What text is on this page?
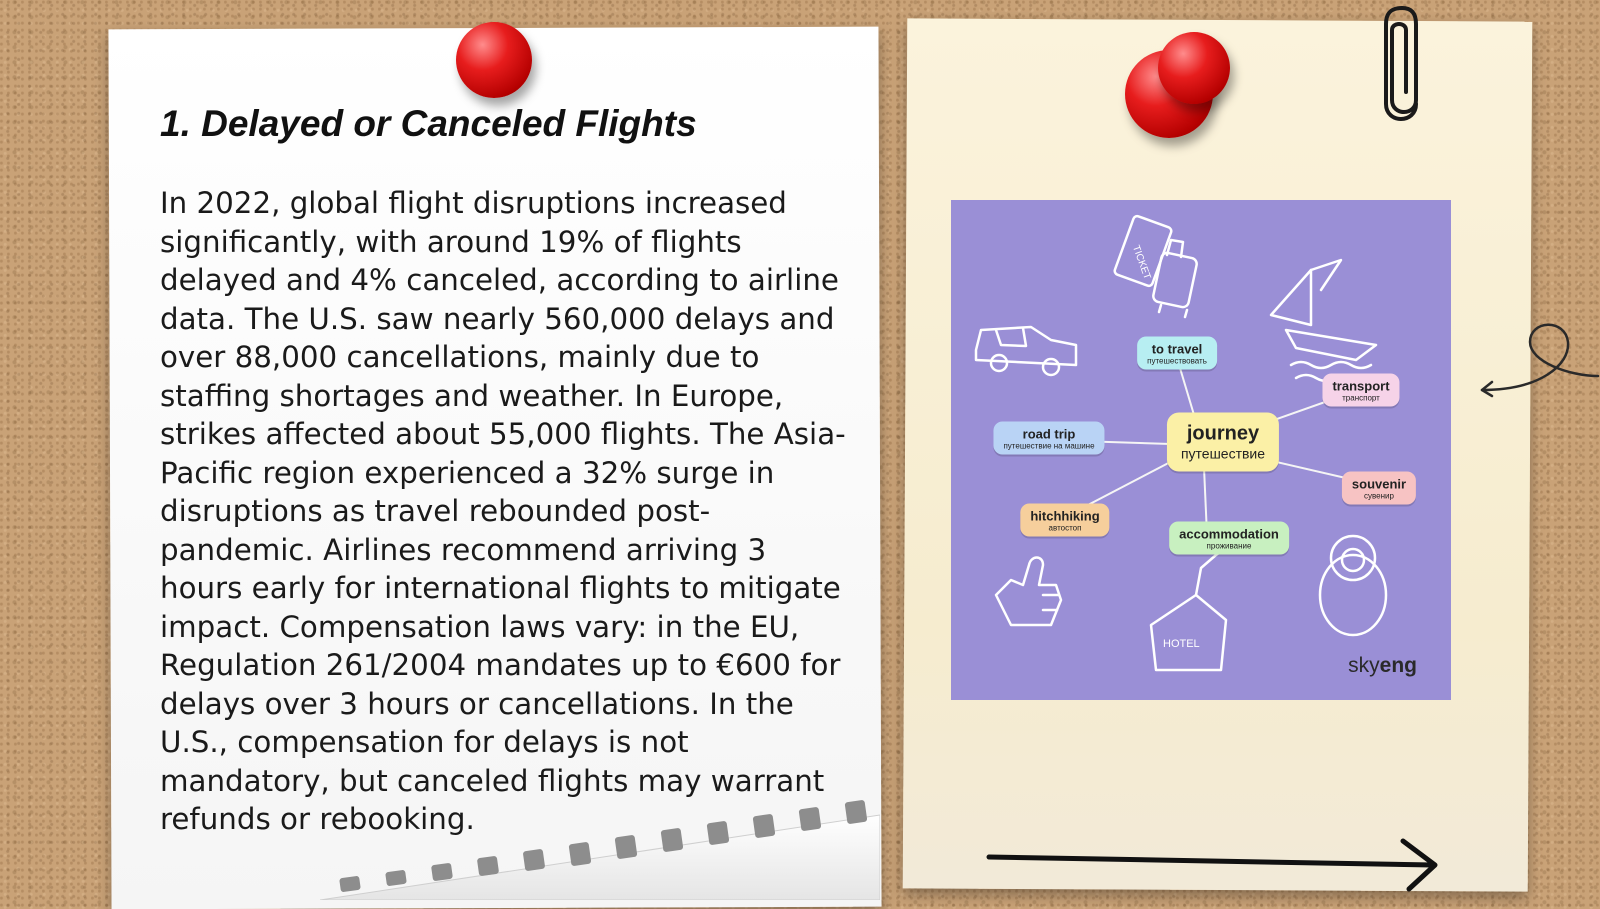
1. Delayed or Canceled Flights

In 2022, global flight disruptions increased significantly, with around 19% of flights delayed and 4% canceled, according to airline data. The U.S. saw nearly 560,000 delays and over 88,000 cancellations, mainly due to staffing shortages and weather. In Europe, strikes affected about 55,000 flights. The Asia-Pacific region experienced a 32% surge in disruptions as travel rebounded post-pandemic. Airlines recommend arriving 3 hours early for international flights to mitigate impact. Compensation laws vary: in the EU, Regulation 261/2004 mandates up to €600 for delays over 3 hours or cancellations. In the U.S., compensation for delays is not mandatory, but canceled flights may warrant refunds or rebooking.

TICKET
HOTEL
to travel
путешествовать
transport
транспорт
road trip
путешествие на машине
journey
путешествие
souvenir
сувенир
hitchhiking
автостоп	accommodation
проживание
skyeng
